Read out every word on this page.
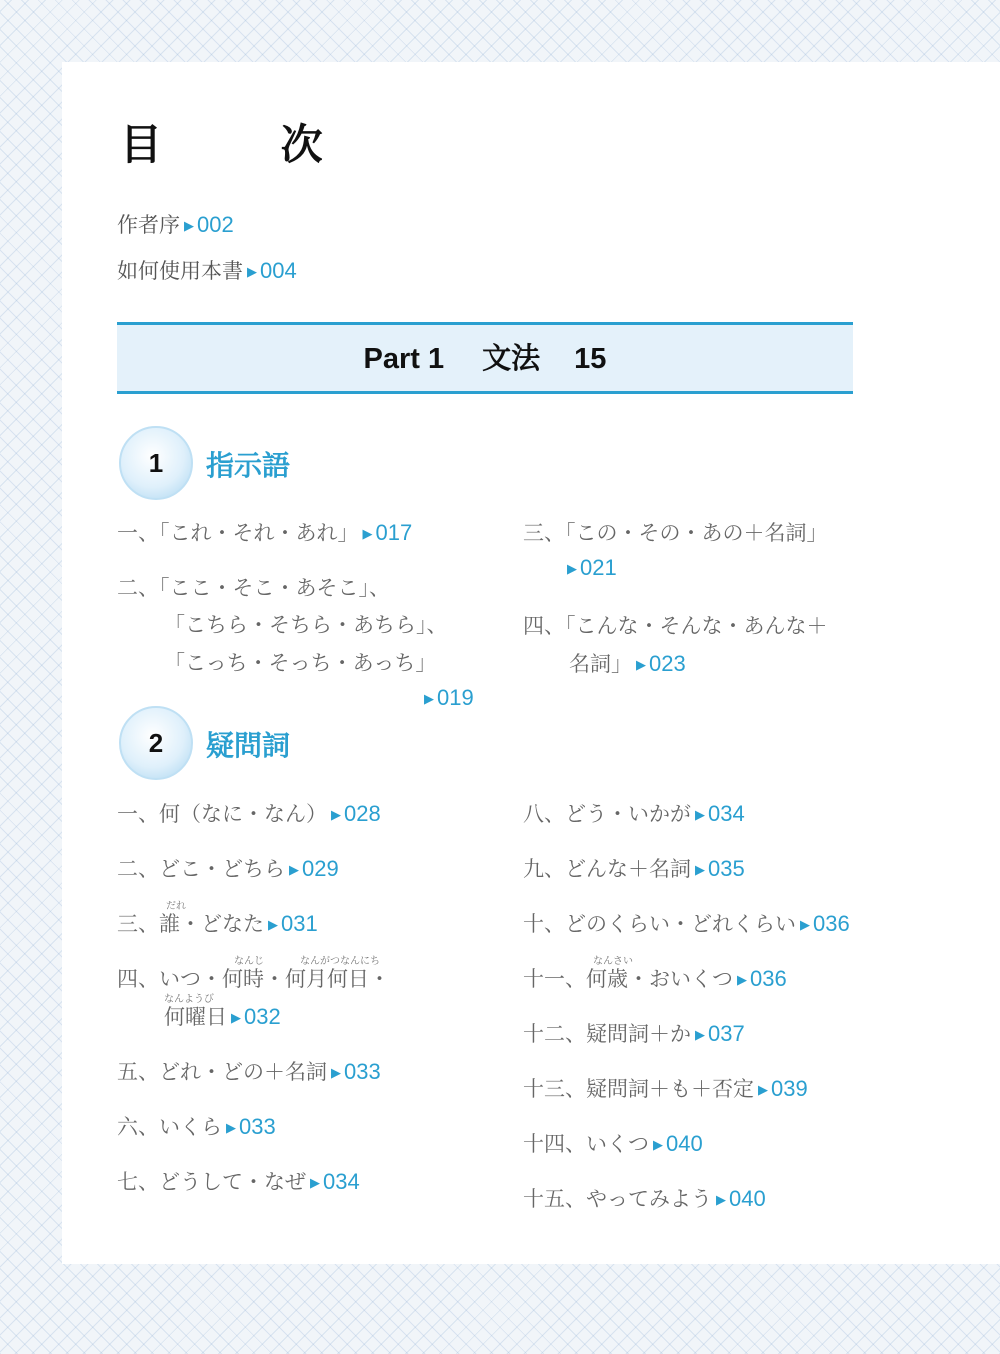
目 次
作者序 ▶ 002
如何使用本書 ▶ 004
Part 1 文法 15
1	指示語
一、「これ・それ・あれ」 ▶ 017
二、「ここ・そこ・あそこ」、
「こちら・そちら・あちら」、
「こっち・そっち・あっち」
▶ 019
三、「この・その・あの＋名詞」
▶ 021
四、「こんな・そんな・あんな＋
名詞」 ▶ 023
2	疑問詞
一、何（なに・なん） ▶ 028
二、どこ・どちら ▶ 029
だれ
三、誰・どなた ▶ 031
なんじ	なんがつなんにち
四、いつ・何時・何月何日・
なんようび
何曜日 ▶ 032
五、どれ・どの＋名詞 ▶ 033
六、いくら ▶ 033
七、どうして・なぜ ▶ 034
八、どう・いかが ▶ 034
九、どんな＋名詞 ▶ 035
十、どのくらい・どれくらい ▶ 036
なんさい
十一、何歳・おいくつ ▶ 036
十二、疑問詞＋か ▶ 037
十三、疑問詞＋も＋否定 ▶ 039
十四、いくつ ▶ 040
十五、やってみよう ▶ 040
